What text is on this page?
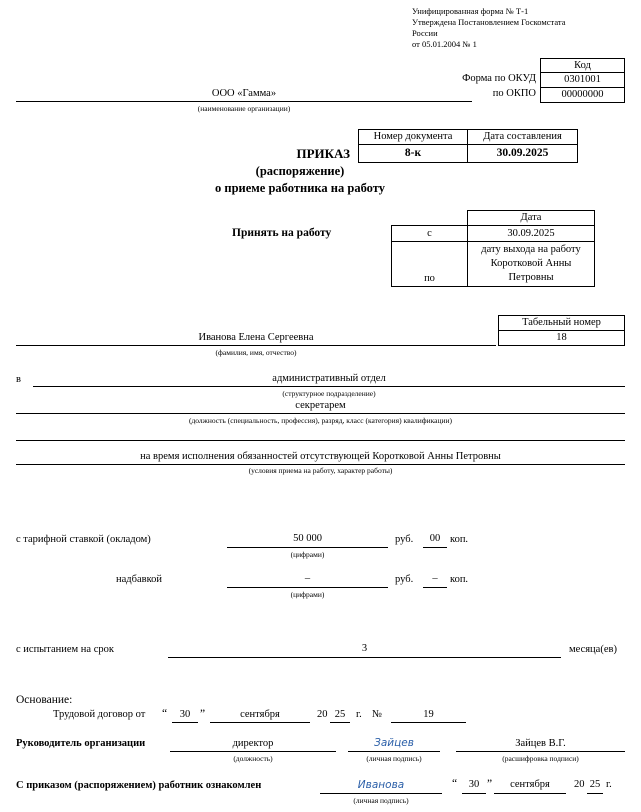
Унифицированная форма № Т-1
Утверждена Постановлением Госкомстата
России
от 05.01.2004 № 1
Код
Форма по ОКУД	0301001
по ОКПО	00000000
ООО «Гамма»
(наименование организации)
Номер документа	Дата составления
8-к	30.09.2025
ПРИКАЗ
(распоряжение)
о приеме работника на работу
Принять на работу
Дата
с	30.09.2025
по
дату выхода на работу
Коротковой Анны
Петровны
Табельный номер
18
Иванова Елена Сергеевна
(фамилия, имя, отчество)
в	административный отдел
(структурное подразделение)
секретарем
(должность (специальность, профессия), разряд, класс (категория) квалификации)
на время исполнения обязанностей отсутствующей Коротковой Анны Петровны
(условия приема на работу, характер работы)
с тарифной ставкой (окладом)	50 000
(цифрами)
руб.	00 коп.
надбавкой	–
(цифрами)
руб.	–	коп.
с испытанием на срок	3	месяца(ев)
Основание:
Трудовой договор от “	30 ”	сентября	20 25	г. №	19
Руководитель организации	директор
(должность)
Зайцев
(личная подпись)
Зайцев В.Г.
(расшифровка подписи)
С приказом (распоряжением) работник ознакомлен	Иванова
(личная подпись)
“	30 ”	сентября	20 25 г.
